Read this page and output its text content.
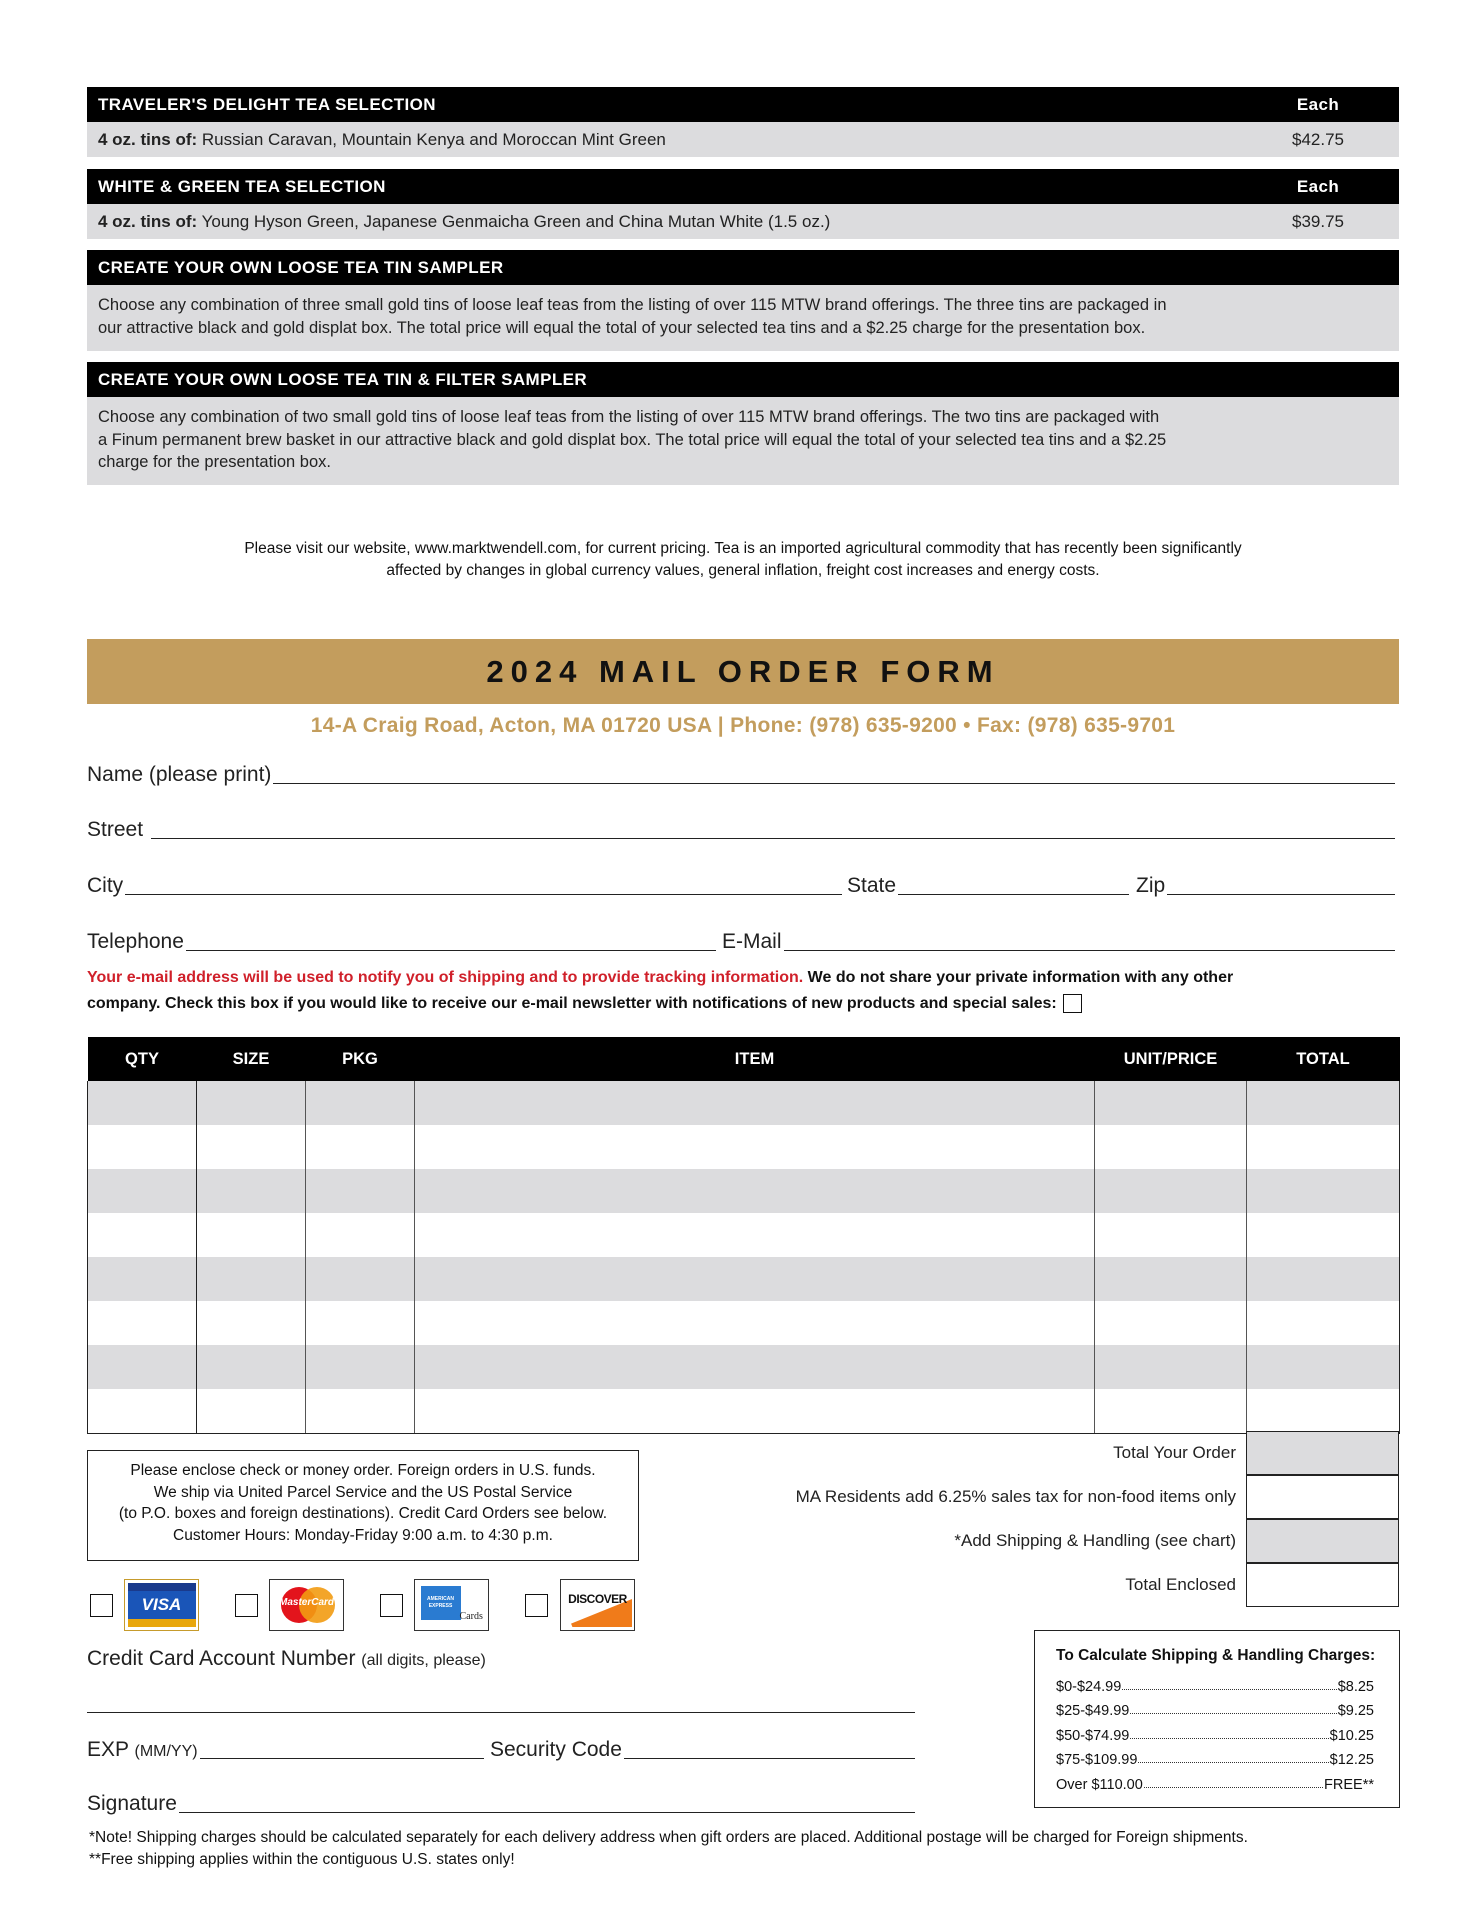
TRAVELER'S DELIGHT TEA SELECTION	Each
4 oz. tins of: Russian Caravan, Mountain Kenya and Moroccan Mint Green	$42.75
WHITE & GREEN TEA SELECTION	Each
4 oz. tins of: Young Hyson Green, Japanese Genmaicha Green and China Mutan White (1.5 oz.)	$39.75
CREATE YOUR OWN LOOSE TEA TIN SAMPLER
Choose any combination of three small gold tins of loose leaf teas from the listing of over 115 MTW brand offerings. The three tins are packaged in
our attractive black and gold displat box. The total price will equal the total of your selected tea tins and a $2.25 charge for the presentation box.
CREATE YOUR OWN LOOSE TEA TIN & FILTER SAMPLER
Choose any combination of two small gold tins of loose leaf teas from the listing of over 115 MTW brand offerings. The two tins are packaged with
a Finum permanent brew basket in our attractive black and gold displat box. The total price will equal the total of your selected tea tins and a $2.25
charge for the presentation box.
Please visit our website, www.marktwendell.com, for current pricing. Tea is an imported agricultural commodity that has recently been significantly
affected by changes in global currency values, general inflation, freight cost increases and energy costs.
2024 MAIL ORDER FORM
14-A Craig Road, Acton, MA 01720 USA | Phone: (978) 635-9200 • Fax: (978) 635-9701
Name (please print)
Street
City	State	Zip
Telephone	E-Mail
Your e-mail address will be used to notify you of shipping and to provide tracking information. We do not share your private information with any other
company. Check this box if you would like to receive our e-mail newsletter with notifications of new products and special sales:
QTY	SIZE	PKG	ITEM	UNIT/PRICE	TOTAL

Total Your Order
MA Residents add 6.25% sales tax for non-food items only
*Add Shipping & Handling (see chart)
Total Enclosed
Please enclose check or money order. Foreign orders in U.S. funds.
We ship via United Parcel Service and the US Postal Service
(to P.O. boxes and foreign destinations). Credit Card Orders see below.
Customer Hours: Monday-Friday 9:00 a.m. to 4:30 p.m.
VISA	MasterCard	AMERICAN EXPRESS
Cards
DISCOVER
Credit Card Account Number (all digits, please)
EXP (MM/YY)	Security Code
Signature
To Calculate Shipping & Handling Charges:
$0-$24.99	$8.25
$25-$49.99	$9.25
$50-$74.99	$10.25
$75-$109.99	$12.25
Over $110.00	FREE**
*Note! Shipping charges should be calculated separately for each delivery address when gift orders are placed. Additional postage will be charged for Foreign shipments.
**Free shipping applies within the contiguous U.S. states only!
